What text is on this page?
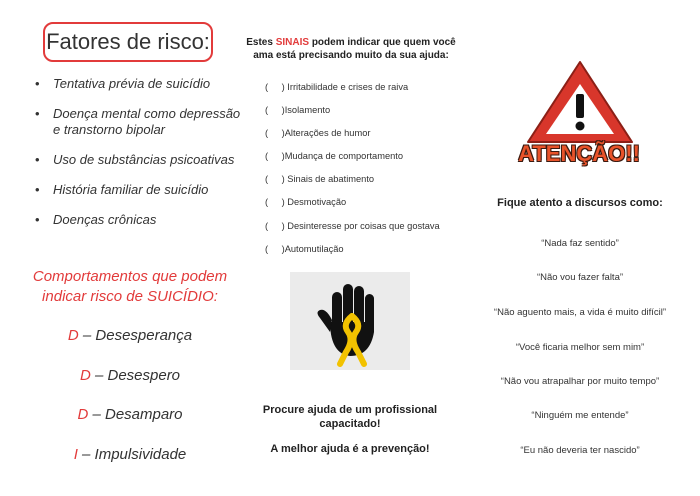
Fatores de risco:
• Tentativa prévia de suicídio
• Doença mental como depressão e transtorno bipolar
• Uso de substâncias psicoativas
• História familiar de suicídio
• Doenças crônicas
Comportamentos que podem indicar risco de SUICÍDIO:
D – Desesperança
D – Desespero
D – Desamparo
I – Impulsividade
Estes SINAIS podem indicar que quem você ama está precisando muito da sua ajuda:
( ) Irritabilidade e crises de raiva
( )Isolamento
( )Alterações de humor
( )Mudança de comportamento
( ) Sinais de abatimento
( ) Desmotivação
( ) Desinteresse por coisas que gostava
( )Automutilação
Procure ajuda de um profissional capacitado!
A melhor ajuda é a prevenção!
ATENÇÃO!!
Fique atento a discursos como:
“Nada faz sentido”
“Não vou fazer falta”
“Não aguento mais, a vida é muito difícil”
“Você ficaria melhor sem mim”
“Não vou atrapalhar por muito tempo”
“Ninguém me entende”
“Eu não deveria ter nascido”
